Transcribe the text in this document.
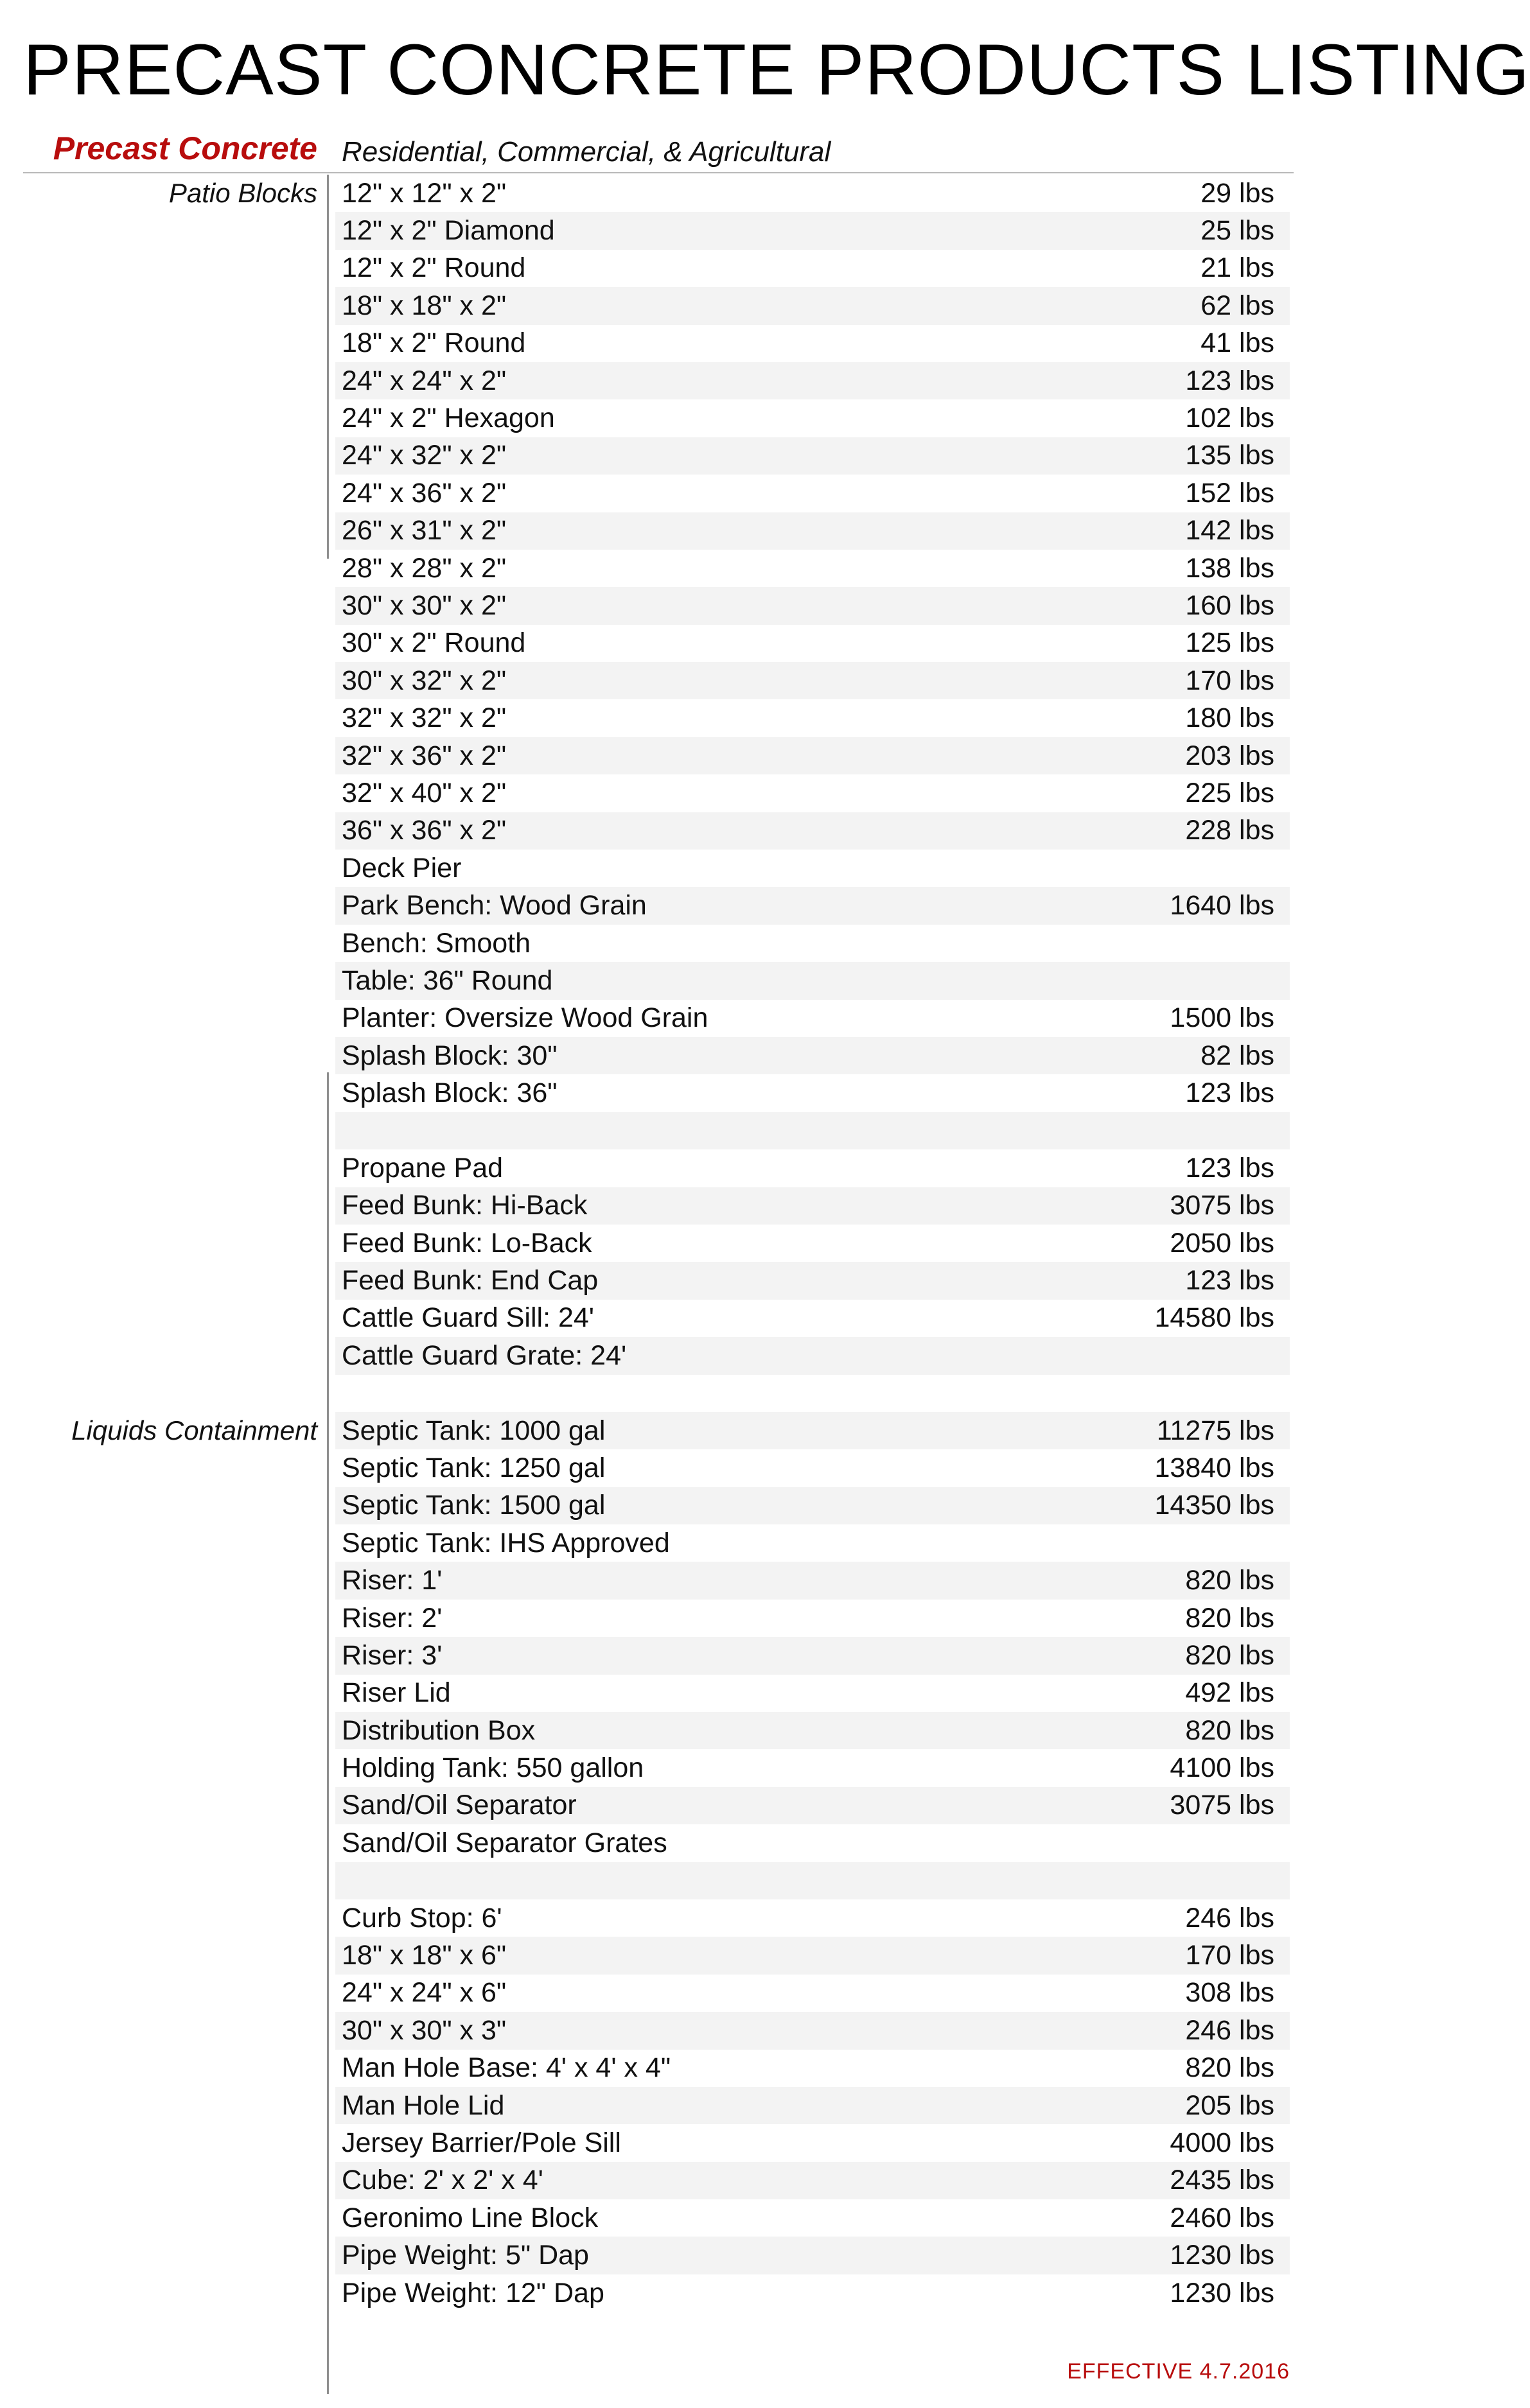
PRECAST CONCRETE PRODUCTS LISTING
Precast Concrete Residential, Commercial, & Agricultural
Patio Blocks
Liquids Containment
12" x 12" x 2"	29 lbs
12" x 2" Diamond	25 lbs
12" x 2" Round	21 lbs
18" x 18" x 2"	62 lbs
18" x 2" Round	41 lbs
24" x 24" x 2"	123 lbs
24" x 2" Hexagon	102 lbs
24" x 32" x 2"	135 lbs
24" x 36" x 2"	152 lbs
26" x 31" x 2"	142 lbs
28" x 28" x 2"	138 lbs
30" x 30" x 2"	160 lbs
30" x 2" Round	125 lbs
30" x 32" x 2"	170 lbs
32" x 32" x 2"	180 lbs
32" x 36" x 2"	203 lbs
32" x 40" x 2"	225 lbs
36" x 36" x 2"	228 lbs
Deck Pier
Park Bench: Wood Grain	1640 lbs
Bench: Smooth
Table: 36" Round
Planter: Oversize Wood Grain	1500 lbs
Splash Block: 30"	82 lbs
Splash Block: 36"	123 lbs
Propane Pad	123 lbs
Feed Bunk: Hi-Back	3075 lbs
Feed Bunk: Lo-Back	2050 lbs
Feed Bunk: End Cap	123 lbs
Cattle Guard Sill: 24'	14580 lbs
Cattle Guard Grate: 24'
Septic Tank: 1000 gal	11275 lbs
Septic Tank: 1250 gal	13840 lbs
Septic Tank: 1500 gal	14350 lbs
Septic Tank: IHS Approved
Riser: 1'	820 lbs
Riser: 2'	820 lbs
Riser: 3'	820 lbs
Riser Lid	492 lbs
Distribution Box	820 lbs
Holding Tank: 550 gallon	4100 lbs
Sand/Oil Separator	3075 lbs
Sand/Oil Separator Grates
Curb Stop: 6'	246 lbs
18" x 18" x 6"	170 lbs
24" x 24" x 6"	308 lbs
30" x 30" x 3"	246 lbs
Man Hole Base: 4' x 4' x 4"	820 lbs
Man Hole Lid	205 lbs
Jersey Barrier/Pole Sill	4000 lbs
Cube: 2' x 2' x 4'	2435 lbs
Geronimo Line Block	2460 lbs
Pipe Weight: 5" Dap	1230 lbs
Pipe Weight: 12" Dap	1230 lbs
EFFECTIVE 4.7.2016
